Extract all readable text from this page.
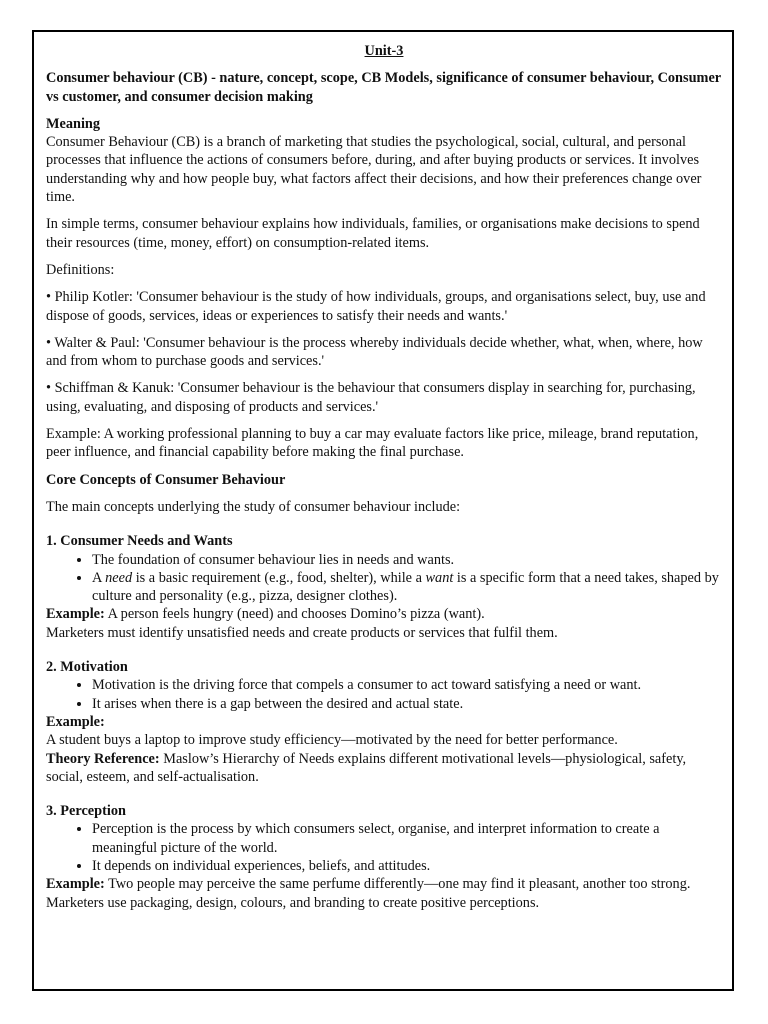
Unit-3
Consumer behaviour (CB) - nature, concept, scope, CB Models, significance of consumer behaviour, Consumer vs customer, and consumer decision making
Meaning

Consumer Behaviour (CB) is a branch of marketing that studies the psychological, social, cultural, and personal processes that influence the actions of consumers before, during, and after buying products or services. It involves understanding why and how people buy, what factors affect their decisions, and how their preferences change over time.

In simple terms, consumer behaviour explains how individuals, families, or organisations make decisions to spend their resources (time, money, effort) on consumption-related items.

Definitions:

• Philip Kotler: 'Consumer behaviour is the study of how individuals, groups, and organisations select, buy, use and dispose of goods, services, ideas or experiences to satisfy their needs and wants.'

• Walter & Paul: 'Consumer behaviour is the process whereby individuals decide whether, what, when, where, how and from whom to purchase goods and services.'

• Schiffman & Kanuk: 'Consumer behaviour is the behaviour that consumers display in searching for, purchasing, using, evaluating, and disposing of products and services.'

Example: A working professional planning to buy a car may evaluate factors like price, mileage, brand reputation, peer influence, and financial capability before making the final purchase.

Core Concepts of Consumer Behaviour

The main concepts underlying the study of consumer behaviour include:

1. Consumer Needs and Wants
• The foundation of consumer behaviour lies in needs and wants.
• A need is a basic requirement (e.g., food, shelter), while a want is a specific form that a need takes, shaped by culture and personality (e.g., pizza, designer clothes).
Example: A person feels hungry (need) and chooses Domino’s pizza (want).
Marketers must identify unsatisfied needs and create products or services that fulfil them.
2. Motivation
• Motivation is the driving force that compels a consumer to act toward satisfying a need or want.
• It arises when there is a gap between the desired and actual state.
Example:
A student buys a laptop to improve study efficiency—motivated by the need for better performance.
Theory Reference: Maslow’s Hierarchy of Needs explains different motivational levels—physiological, safety, social, esteem, and self-actualisation.
3. Perception
• Perception is the process by which consumers select, organise, and interpret information to create a meaningful picture of the world.
• It depends on individual experiences, beliefs, and attitudes.
Example: Two people may perceive the same perfume differently—one may find it pleasant, another too strong.
Marketers use packaging, design, colours, and branding to create positive perceptions.
